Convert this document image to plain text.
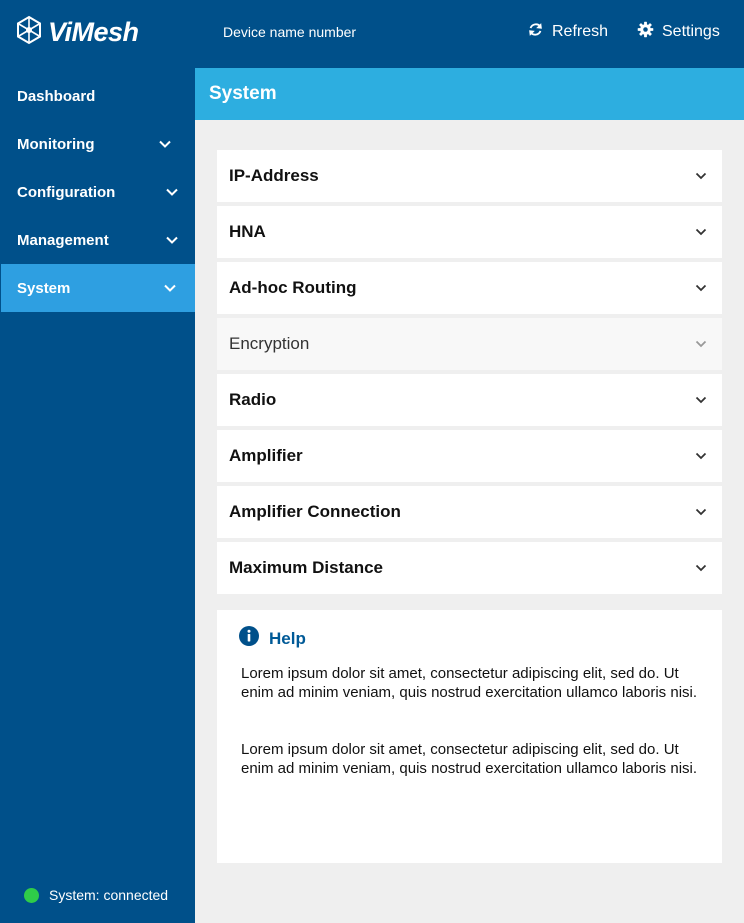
ViMesh	Device name number	Refresh	Settings
Dashboard
Monitoring
Configuration
Management
System
System: connected
System
IP-Address
HNA
Ad-hoc Routing
Encryption
Radio
Amplifier
Amplifier Connection
Maximum Distance
Help

Lorem ipsum dolor sit amet, consectetur adipiscing elit, sed do. Ut enim ad minim veniam, quis nostrud exercitation ullamco laboris nisi.

Lorem ipsum dolor sit amet, consectetur adipiscing elit, sed do. Ut enim ad minim veniam, quis nostrud exercitation ullamco laboris nisi.
